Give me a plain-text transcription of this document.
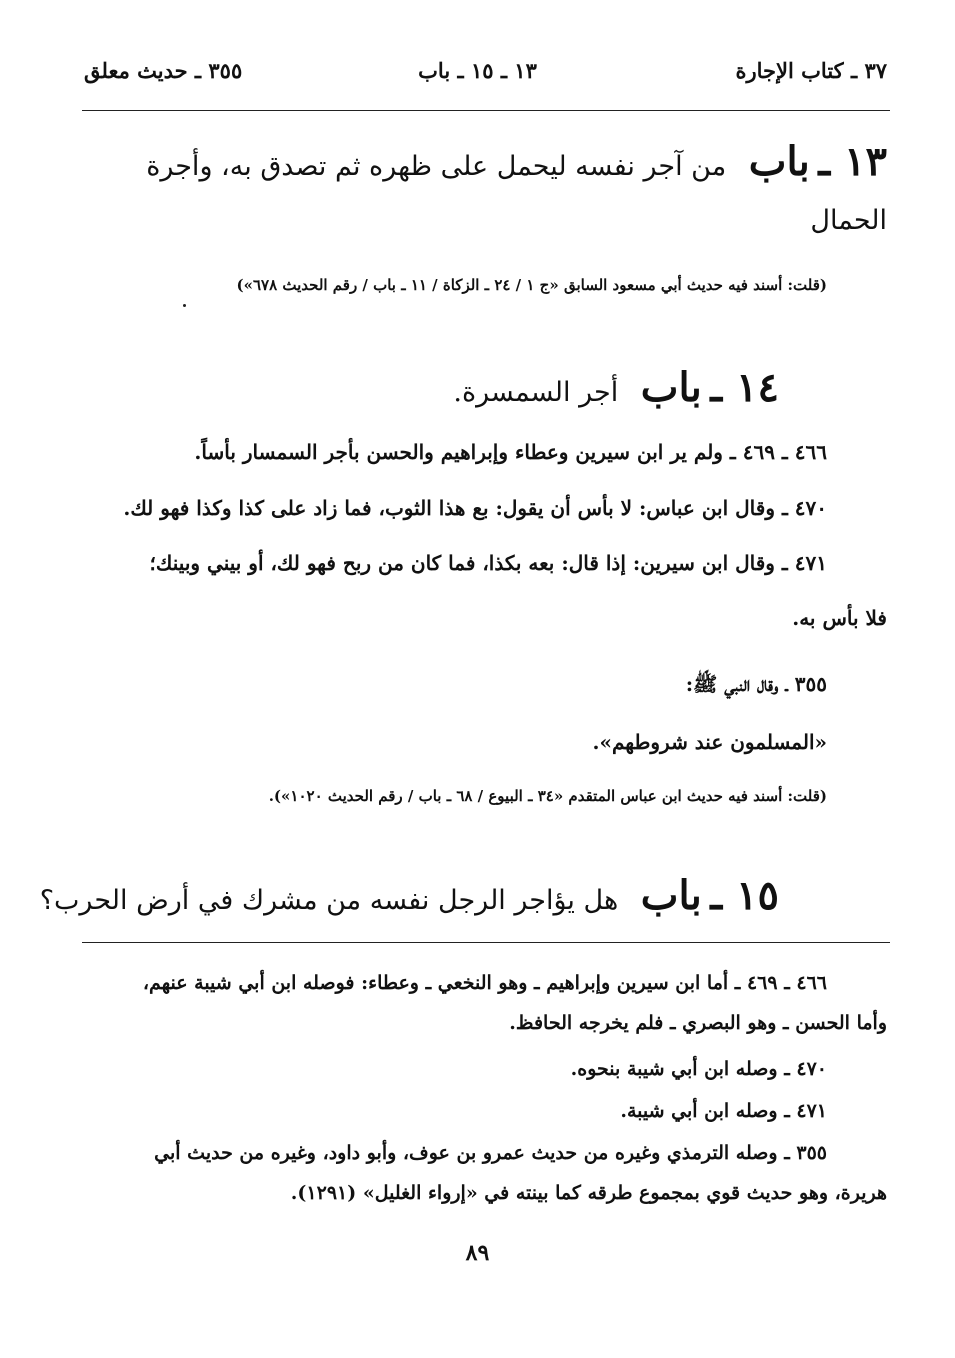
٣٧ ـ كتاب الإجارة
١٣ ـ ١٥ ـ باب
٣٥٥ ـ حديث معلق
١٣ ـ باب من آجر نفسه ليحمل على ظهره ثم تصدق به، وأجرة
الحمال
(قلت: أسند فيه حديث أبي مسعود السابق «ج ١ / ٢٤ ـ الزكاة / ١١ ـ باب / رقم الحديث ٦٧٨»)
١٤ ـ باب أجر السمسرة.
٤٦٦ ـ ٤٦٩ ـ ولم ير ابن سيرين وعطاء وإبراهيم والحسن بأجر السمسار بأساً.
٤٧٠ ـ وقال ابن عباس: لا بأس أن يقول: بع هذا الثوب، فما زاد على كذا وكذا فهو لك.
٤٧١ ـ وقال ابن سيرين: إذا قال: بعه بكذا، فما كان من ربح فهو لك، أو بيني وبينك؛
فلا بأس به.
٣٥٥ ـ وقال النبي ﷺ:
«المسلمون عند شروطهم».
(قلت: أسند فيه حديث ابن عباس المتقدم «٣٤ ـ البيوع / ٦٨ ـ باب / رقم الحديث ١٠٢٠»).
١٥ ـ باب هل يؤاجر الرجل نفسه من مشرك في أرض الحرب؟
٤٦٦ ـ ٤٦٩ ـ أما ابن سيرين وإبراهيم ـ وهو النخعي ـ وعطاء: فوصله ابن أبي شيبة عنهم،
وأما الحسن ـ وهو البصري ـ فلم يخرجه الحافظ.
٤٧٠ ـ وصله ابن أبي شيبة بنحوه.
٤٧١ ـ وصله ابن أبي شيبة.
٣٥٥ ـ وصله الترمذي وغيره من حديث عمرو بن عوف، وأبو داود، وغيره من حديث أبي
هريرة، وهو حديث قوي بمجموع طرقه كما بينته في «إرواء الغليل» (١٢٩١).
٨٩
